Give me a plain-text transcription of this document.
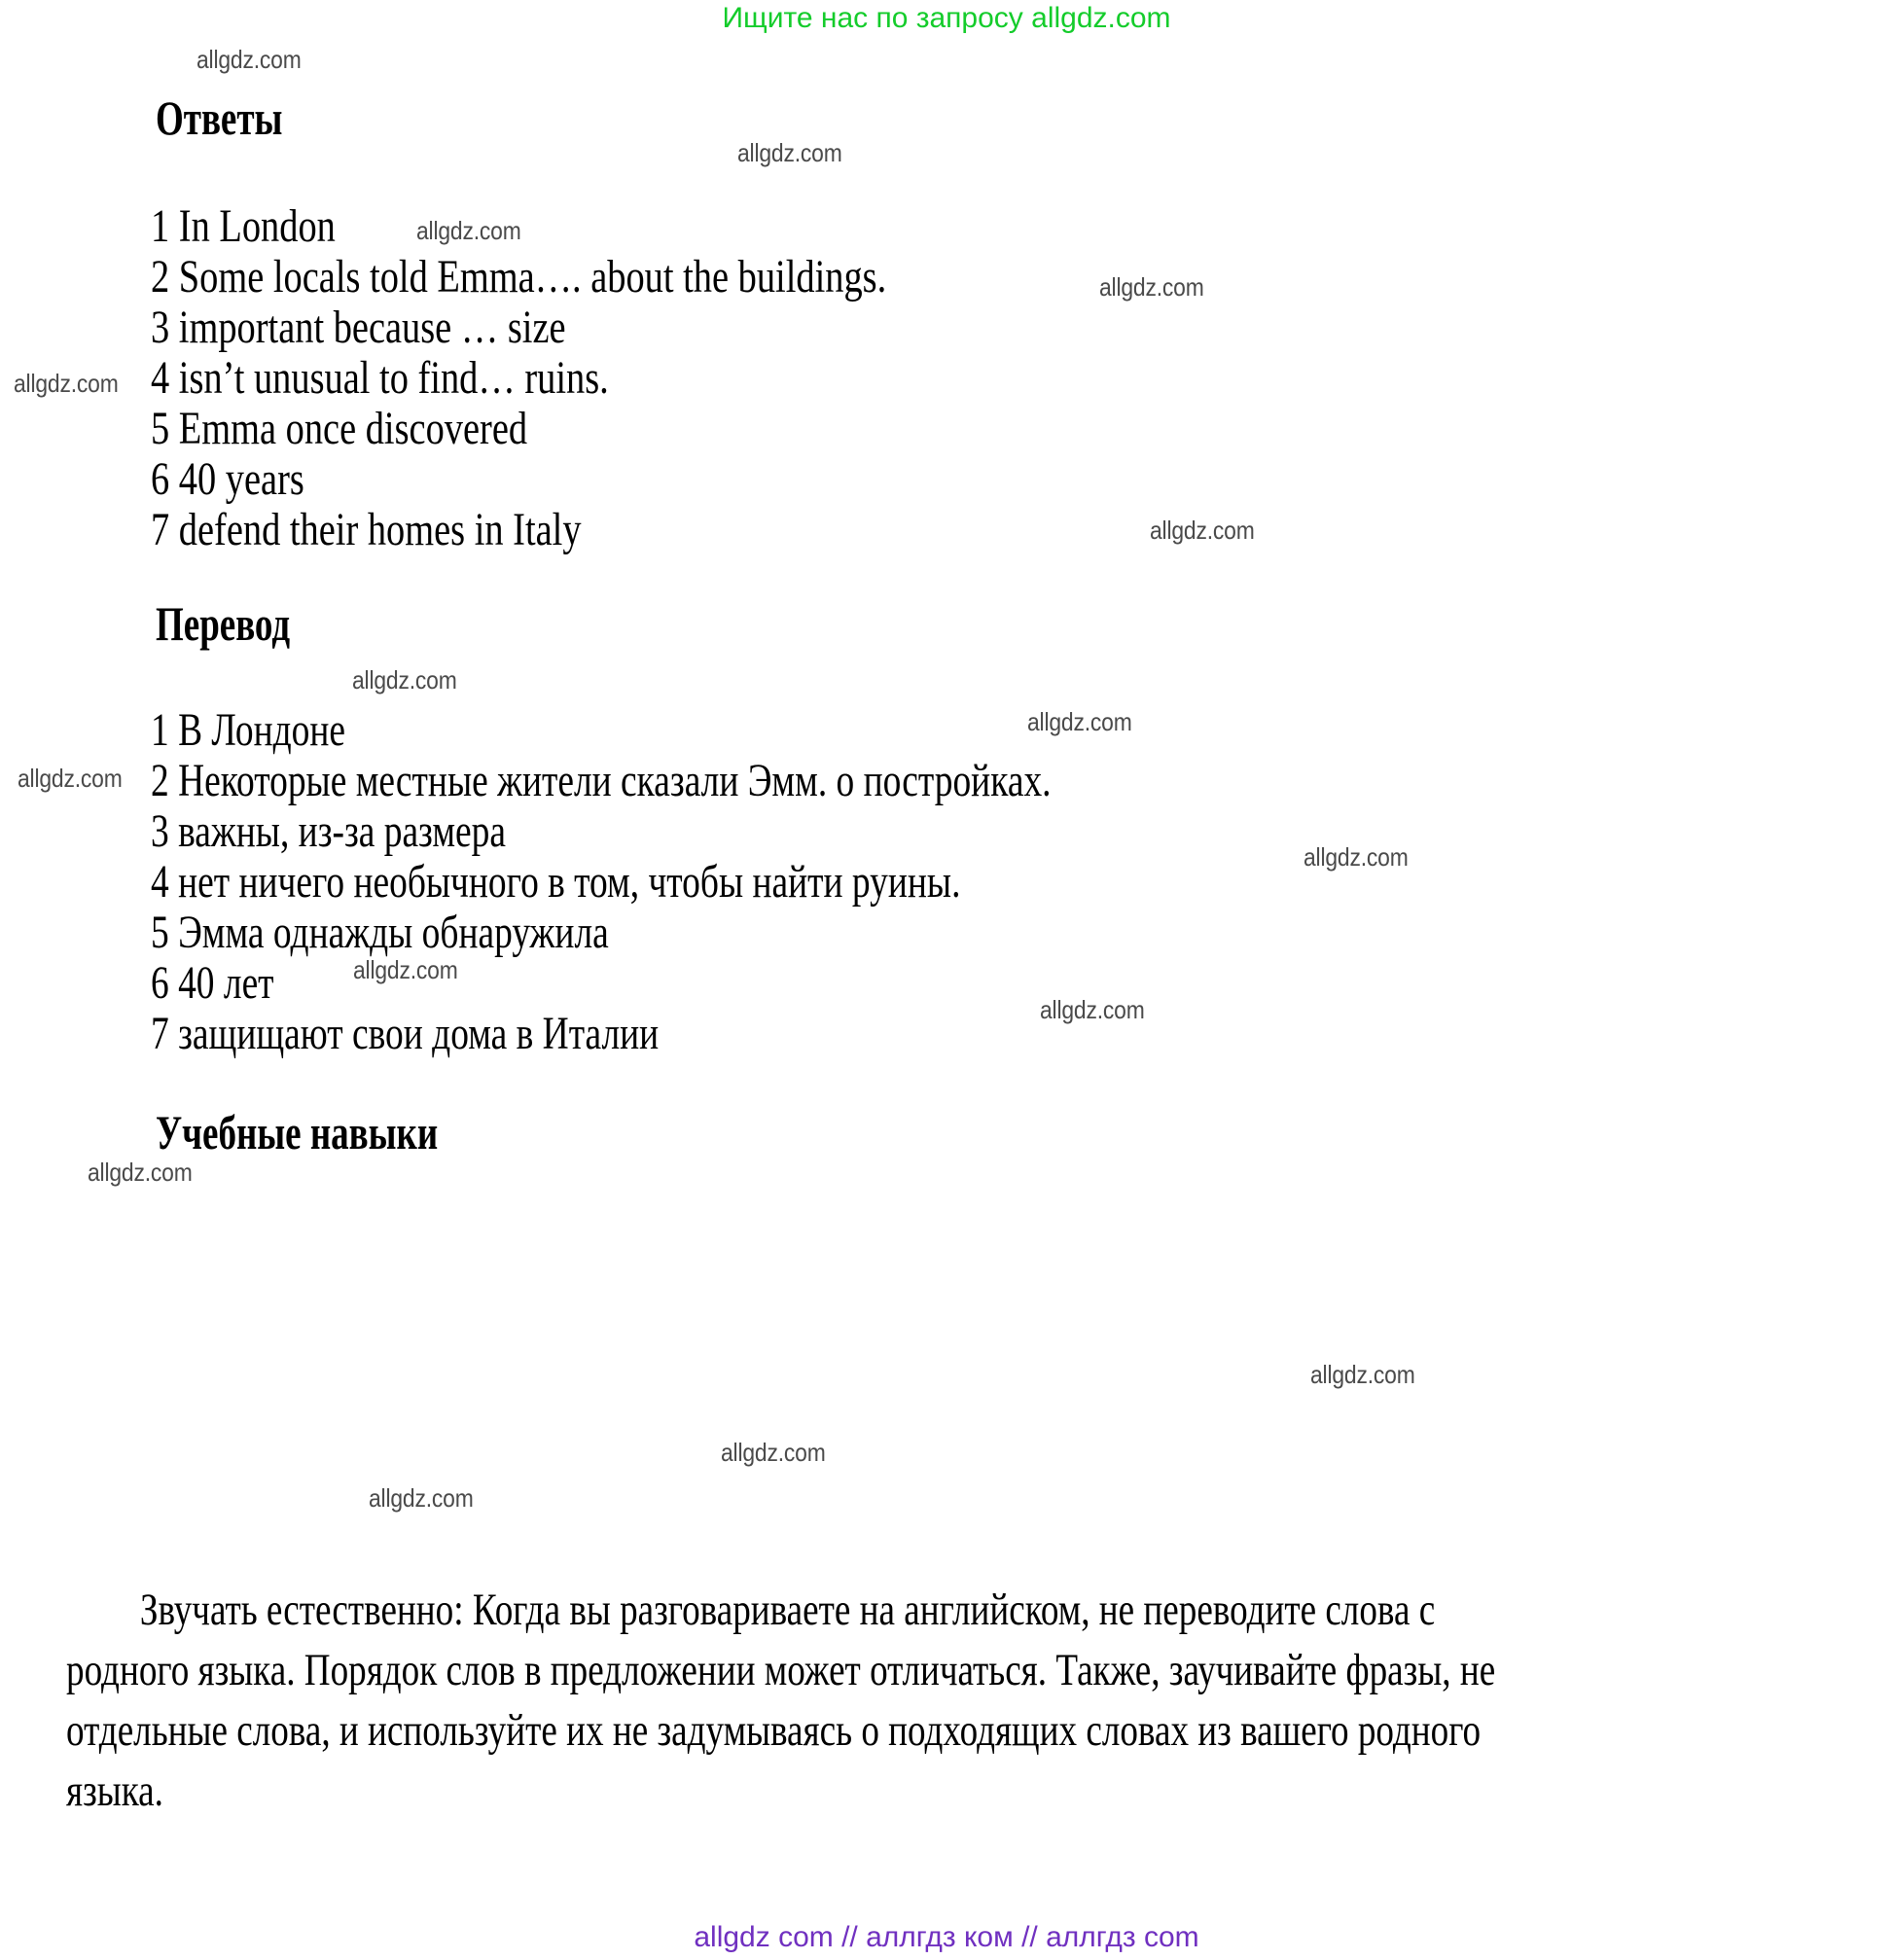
Ищите нас по запросу allgdz.com
allgdz.com
allgdz.com
allgdz.com
allgdz.com
allgdz.com
allgdz.com
allgdz.com
allgdz.com
allgdz.com
allgdz.com
allgdz.com
allgdz.com
allgdz.com
allgdz.com
allgdz.com
allgdz.com
Ответы
1 In London
2 Some locals told Emma…. about the buildings.
3 important because … size
4 isn’t unusual to find… ruins.
5 Emma once discovered
6 40 years
7 defend their homes in Italy
Перевод
1 В Лондоне
2 Некоторые местные жители сказали Эмм. о постройках.
3 важны, из-за размера
4 нет ничего необычного в том, чтобы найти руины.
5 Эмма однажды обнаружила
6 40 лет
7 защищают свои дома в Италии
Учебные навыки
Звучать естественно: Когда вы разговариваете на английском, не переводите слова с родного языка. Порядок слов в предложении может отличаться. Также, заучивайте фразы, не отдельные слова, и используйте их не задумываясь о подходящих словах из вашего родного языка.
allgdz com // аллгдз ком // аллгдз com
